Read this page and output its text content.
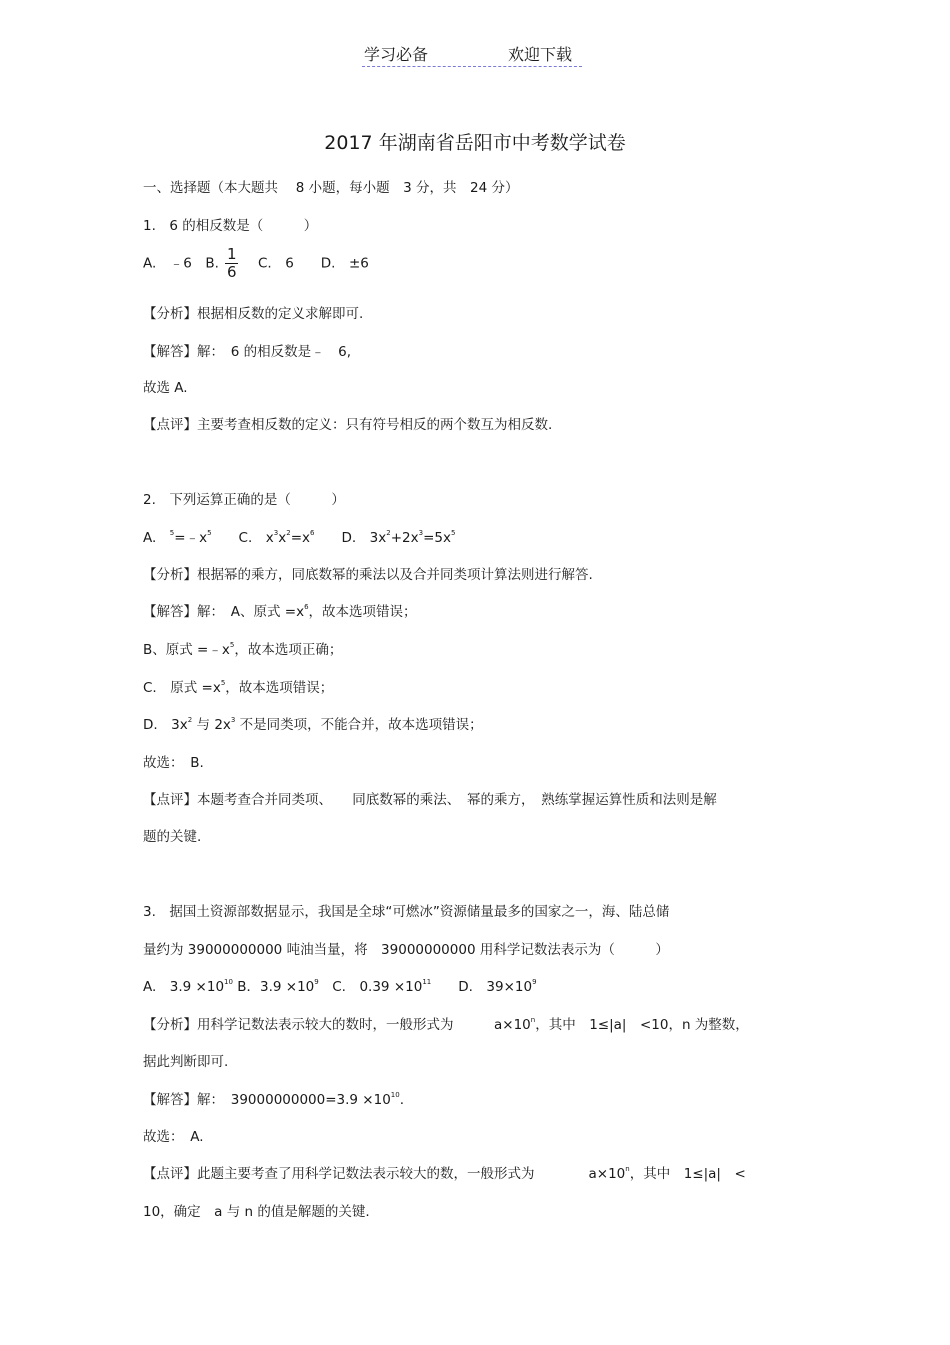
学习必备	欢迎下载
2017 年湖南省岳阳市中考数学试卷
一、选择题（本大题共　 8 小题，每小题　3 分，共　24 分）
1.　6 的相反数是（　　　）
A.　﹣6　B. $\frac{1}{6}$ 　C.　6　　D.　±6
【分析】根据相反数的定义求解即可.
【解答】解：　6 的相反数是﹣　6,
故选 A.
【点评】主要考查相反数的定义：只有符号相反的两个数互为相反数.
2.　下列运算正确的是（　　　）
A.　$^5=﹣x^5$　　C.　$x^3x^2=x^6$　　D.　$3x^2+2x^3=5x^5$
【分析】根据幂的乘方，同底数幂的乘法以及合并同类项计算法则进行解答.
【解答】解：　A、原式 $=x^6$，故本选项错误；
B、原式 $=﹣x^5$，故本选项正确；
C.　原式 $=x^5$，故本选项错误；
D.　$3x^2$ 与 $2x^3$ 不是同类项，不能合并，故本选项错误；
故选：　B.
【点评】本题考查合并同类项、　　同底数幂的乘法、　幂的乘方，　熟练掌握运算性质和法则是解
题的关键.
3.　据国土资源部数据显示，我国是全球“可燃冰”资源储量最多的国家之一，海、陆总储
量约为 39000000000 吨油当量，将　39000000000 用科学记数法表示为（　　　）
A.　$3.9 \times 10^{10}$ B．$3.9 \times 10^9$　C.　$0.39 \times 10^{11}$　　D.　$39\times 10^9$
【分析】用科学记数法表示较大的数时，一般形式为　　　$a\times 10^n$，其中　1≤|a|　<10，n 为整数，
据此判断即可.
【解答】解：　$39000000000=3.9 \times 10^{10}$.
故选：　A.
【点评】此题主要考查了用科学记数法表示较大的数，一般形式为　　　　$a\times 10^n$，其中　1≤|a|　<
10，确定　a 与 n 的值是解题的关键.
